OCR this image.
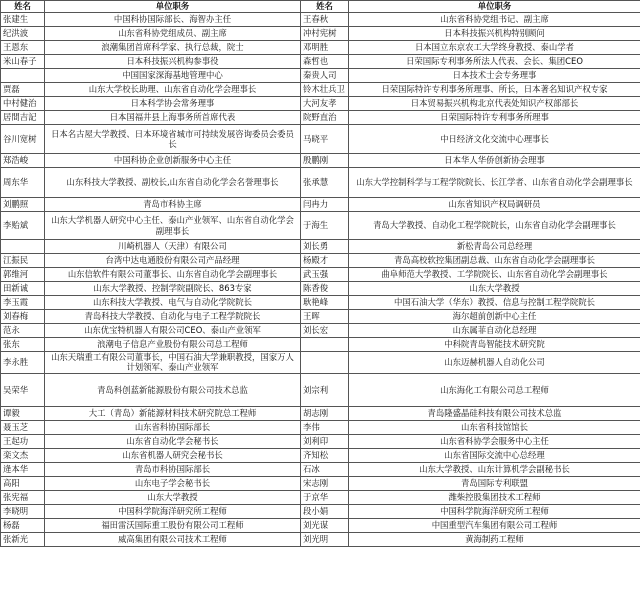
姓名	单位职务	姓名	单位职务
张建生	中国科协国际部长、海智办主任	王春秋	山东省科协党组书记、副主席
纪洪波	山东省科协党组成员、副主席	冲村宪树	日本科技振兴机构特别顾问
王恩东	浪潮集团首席科学家、执行总裁，院士	邓明胜	日本国立东京农工大学终身教授、泰山学者
米山春子	日本科技振兴机构参事役	森哲也	日荣国际专利事务所法人代表、会长、集团CEO
	中国国家深海基地管理中心	秦贵人司	日本技术士会专务理事
贾磊	山东大学校长助理、山东省自动化学会理事长	铃木壮兵卫	日荣国际特许专利事务所理事、所长，日本著名知识产权专家
中村健治	日本科学协会常务理事	大河友孝	日本贸易振兴机构北京代表处知识产权部部长
居間吉記	日本国福井县上海事务所首席代表	院野直治	日荣国际特许专利事务所理事
谷川宽树	日本名古屋大学教授、日本环境省城市可持续发展咨询委员会委员长	马晓平	中日经济文化交流中心理事长
郑浩峻	中国科协企业创新服务中心主任	殷鹏刚	日本华人华侨创新协会理事
周东华	山东科技大学教授、副校长,山东省自动化学会名誉理事长	张承慧	山东大学控制科学与工程学院院长、长江学者、山东省自动化学会副理事长
刘鹏照	青岛市科协主席	闫冉力	山东省知识产权局调研员
李贻斌	山东大学机器人研究中心主任、泰山产业领军、山东省自动化学会副理事长	于海生	青岛大学教授、自动化工程学院院长，山东省自动化学会副理事长
	川崎机器人（天津）有限公司	刘长勇	新松青岛公司总经理
江振民	台湾中达电通股份有限公司产品经理	杨殿才	青岛高校软控集团副总裁、山东省自动化学会副理事长
郭维河	山东信软件有限公司董事长、山东省自动化学会副理事长	武玉强	曲阜师范大学教授、工学院院长、山东省自动化学会副理事长
田新诚	山东大学教授、控制学院副院长、863专家	陈香俊	山东大学教授
李玉霞	山东科技大学教授、电气与自动化学院院长	耿艳峰	中国石油大学（华东）教授、信息与控制工程学院院长
刘春梅	青岛科技大学教授、自动化与电子工程学院院长	王晖	海尔超前创新中心主任
范永	山东优宝特机器人有限公司CEO、泰山产业领军	刘长宏	山东属菲自动化总经理
张东	浪潮电子信息产业股份有限公司总工程师		中科院青岛智能技术研究院
李永胜	山东天瑞重工有限公司董事长，中国石油大学兼职教授，国家万人计划领军、泰山产业领军		山东迈赫机器人自动化公司
吴荣华	青岛科创蓝新能源股份有限公司技术总监	刘宗利	山东海化工有限公司总工程师
谭毅	大工（青岛）新能源材料技术研究院总工程师	胡志刚	青岛隆盛晶硅科技有限公司技术总监
聂玉芝	山东省科协国际部长	李伟	山东省科技馆馆长
王起功	山东省自动化学会秘书长	刘利印	山东省科协学会服务中心主任
栾文杰	山东省机器人研究会秘书长	齐知松	山东省国际交流中心总经理
逄本华	青岛市科协国际部长	石冰	山东大学教授、山东计算机学会副秘书长
高阳	山东电子学会秘书长	宋志刚	青岛国际专利联盟
张宪福	山东大学教授	于京华	潍柴控股集团技术工程师
李晓明	中国科学院海洋研究所工程师	段小娟	中国科学院海洋研究所工程师
杨磊	福田雷沃国际重工股份有限公司工程师	刘光谋	中国重型汽车集团有限公司工程师
张新光	威高集团有限公司技术工程师	刘光明	黄海制药工程师
